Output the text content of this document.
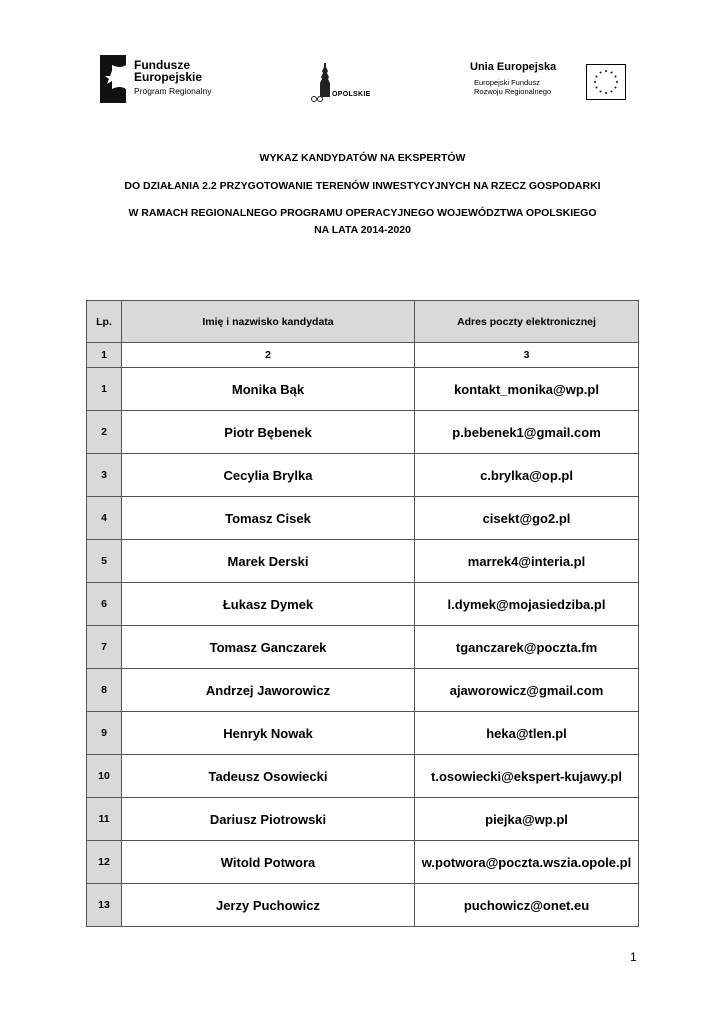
Fundusze
Europejskie
Program Regionalny	OPOLSKIE
Unia Europejska
Europejski Fundusz
Rozwoju Regionalnego
WYKAZ KANDYDATÓW NA EKSPERTÓW
DO DZIAŁANIA 2.2 PRZYGOTOWANIE TERENÓW INWESTYCYJNYCH NA RZECZ GOSPODARKI
W RAMACH REGIONALNEGO PROGRAMU OPERACYJNEGO WOJEWÓDZTWA OPOLSKIEGO
NA LATA 2014-2020
Lp.	Imię i nazwisko kandydata	Adres poczty elektronicznej
1	2	3
1	Monika Bąk	kontakt_monika@wp.pl
2	Piotr Bębenek	p.bebenek1@gmail.com
3	Cecylia Brylka	c.brylka@op.pl
4	Tomasz Cisek	cisekt@go2.pl
5	Marek Derski	marrek4@interia.pl
6	Łukasz Dymek	l.dymek@mojasiedziba.pl
7	Tomasz Ganczarek	tganczarek@poczta.fm
8	Andrzej Jaworowicz	ajaworowicz@gmail.com
9	Henryk Nowak	heka@tlen.pl
10	Tadeusz Osowiecki	t.osowiecki@ekspert-kujawy.pl
11	Dariusz Piotrowski	piejka@wp.pl
12	Witold Potwora	w.potwora@poczta.wszia.opole.pl
13	Jerzy Puchowicz	puchowicz@onet.eu
1
